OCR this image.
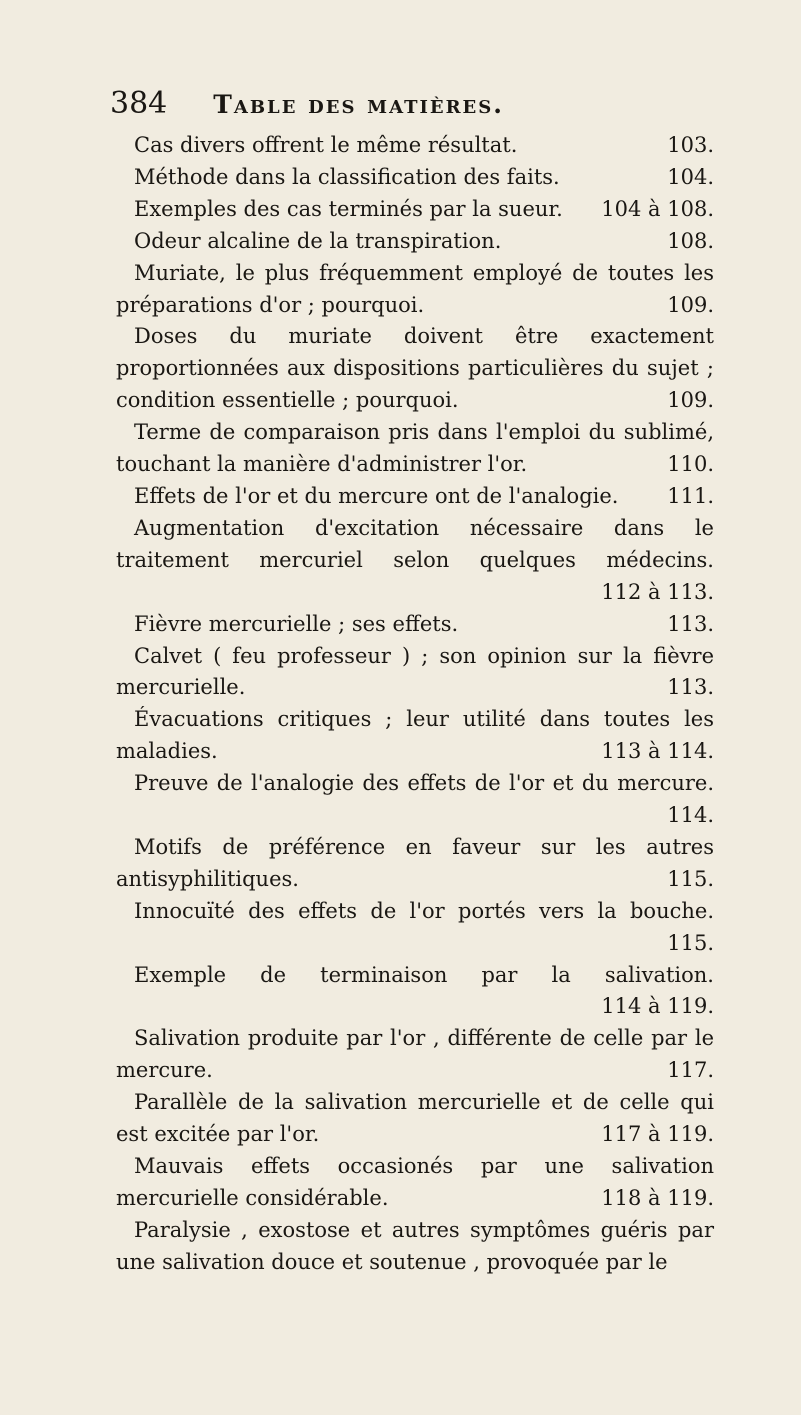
384 Table des matières.

Cas divers offrent le même résultat.	103.

Méthode dans la classification des faits.	104.

Exemples des cas terminés par la sueur. 104 à 108.

Odeur alcaline de la transpiration.	108.

Muriate, le plus fréquemment employé de toutes les préparations d'or ; pourquoi.	109.

Doses du muriate doivent être exactement proportionnées aux dispositions particulières du sujet ; condition essentielle ; pourquoi.	109.

Terme de comparaison pris dans l'emploi du sublimé, touchant la manière d'administrer l'or.	110.

Effets de l'or et du mercure ont de l'analogie. 111.

Augmentation d'excitation nécessaire dans le traitement mercuriel selon quelques médecins. 112 à 113.

Fièvre mercurielle ; ses effets.	113.

Calvet ( feu professeur ) ; son opinion sur la fièvre mercurielle.	113.

Évacuations critiques ; leur utilité dans toutes les maladies.	113 à 114.

Preuve de l'analogie des effets de l'or et du mercure. 114.

Motifs de préférence en faveur sur les autres antisyphilitiques.	115.

Innocuïté des effets de l'or portés vers la bouche. 115.

Exemple de terminaison par la salivation. 114 à 119.

Salivation produite par l'or , différente de celle par le mercure.	117.

Parallèle de la salivation mercurielle et de celle qui est excitée par l'or.	117 à 119.

Mauvais effets occasionés par une salivation mercurielle considérable.	118 à 119.

Paralysie , exostose et autres symptômes guéris par une salivation douce et soutenue , provoquée par le
